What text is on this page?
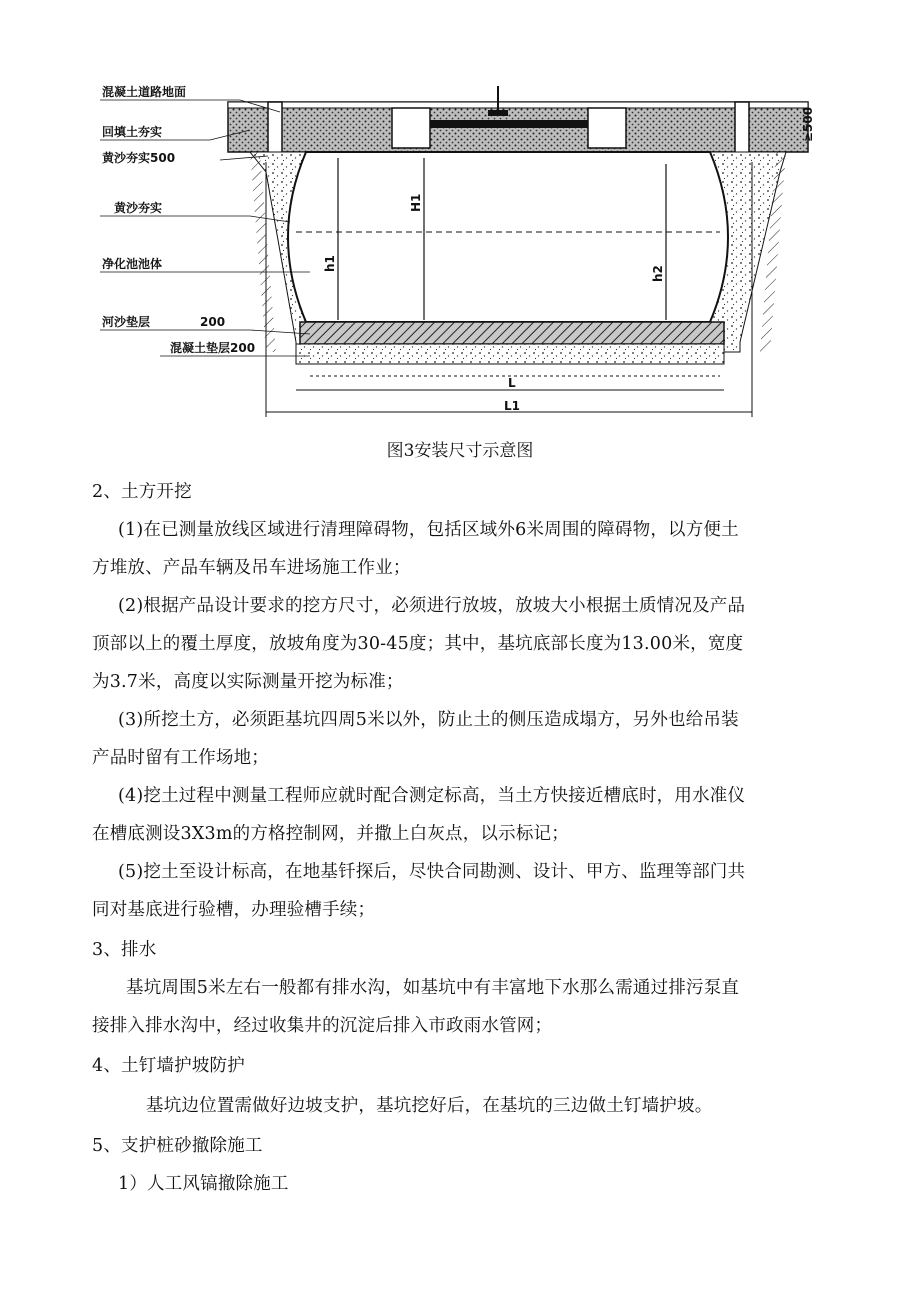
H1
h1
h2
L
L1
≥500
混凝土道路地面
回填土夯实
黄沙夯实500
黄沙夯实
净化池池体
河沙垫层	200
混凝土垫层200
图3安装尺寸示意图
2、土方开挖
(1)在已测量放线区域进行清理障碍物，包括区域外6米周围的障碍物，以方便土
方堆放、产品车辆及吊车进场施工作业；
(2)根据产品设计要求的挖方尺寸，必须进行放坡，放坡大小根据土质情况及产品
顶部以上的覆土厚度，放坡角度为30-45度；其中，基坑底部长度为13.00米，宽度
为3.7米，高度以实际测量开挖为标准；
(3)所挖土方，必须距基坑四周5米以外，防止土的侧压造成塌方，另外也给吊装
产品时留有工作场地；
(4)挖土过程中测量工程师应就时配合测定标高，当土方快接近槽底时，用水准仪
在槽底测设3X3m的方格控制网，并撒上白灰点，以示标记；
(5)挖土至设计标高，在地基钎探后，尽快合同勘测、设计、甲方、监理等部门共
同对基底进行验槽，办理验槽手续；
3、排水
基坑周围5米左右一般都有排水沟，如基坑中有丰富地下水那么需通过排污泵直
接排入排水沟中，经过收集井的沉淀后排入市政雨水管网；
4、土钉墙护坡防护
基坑边位置需做好边坡支护，基坑挖好后，在基坑的三边做土钉墙护坡。
5、支护桩砂撤除施工
1）人工风镐撤除施工
